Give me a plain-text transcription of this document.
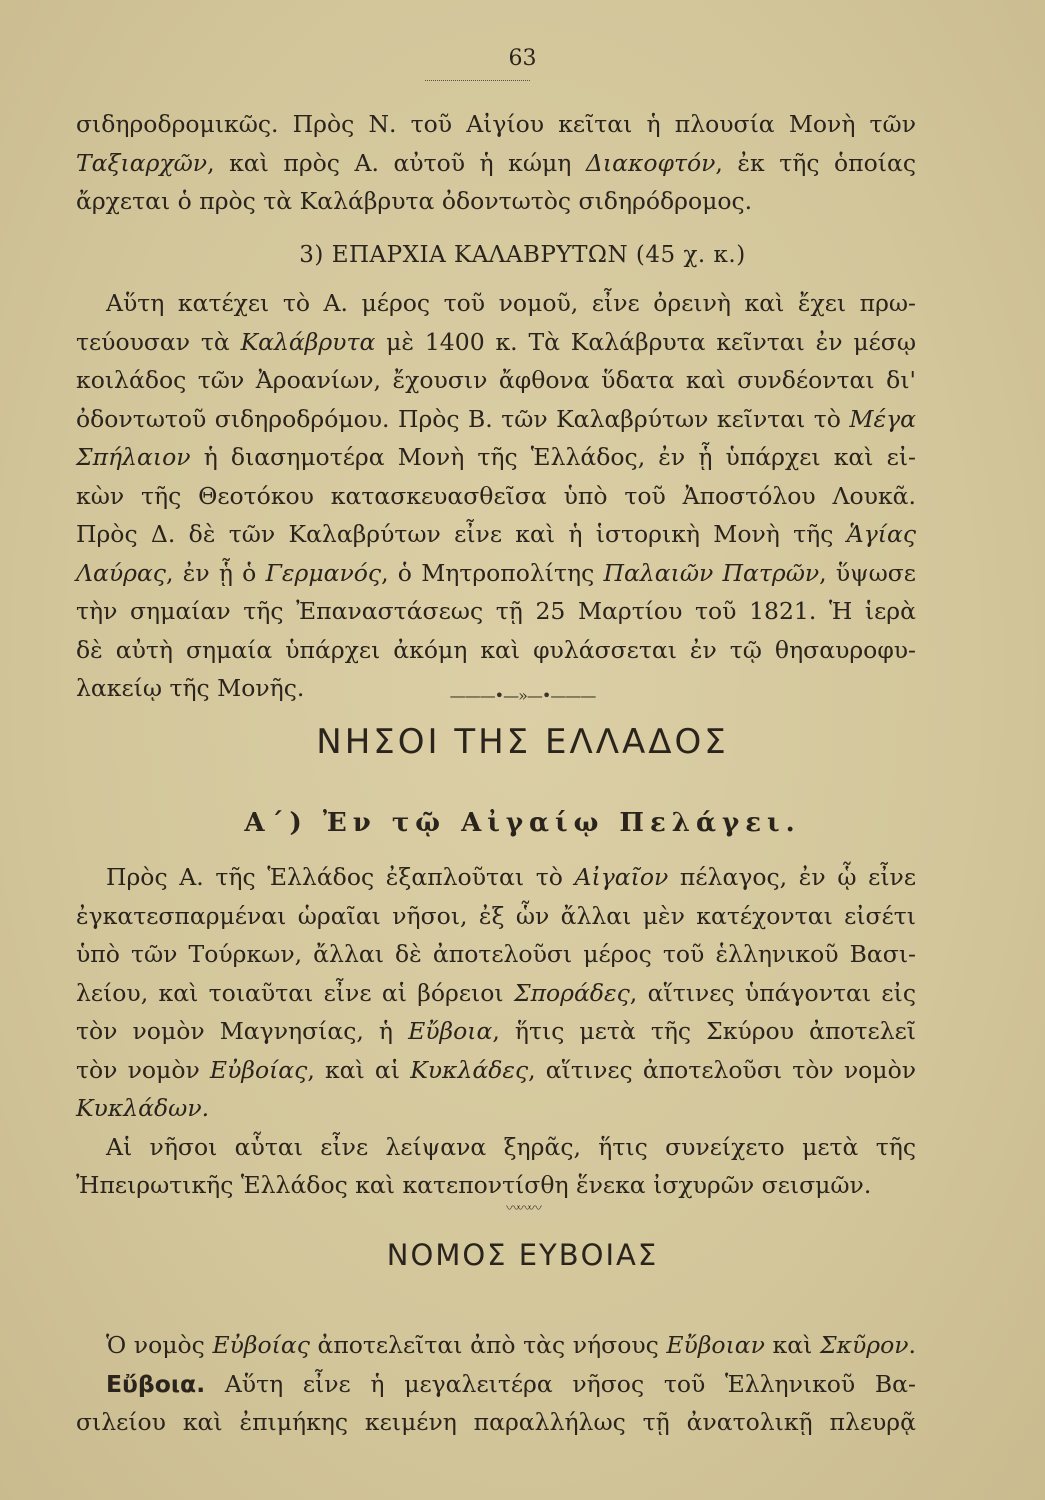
63
σιδηροδρομικῶς. Πρὸς Ν. τοῦ Αἰγίου κεῖται ἡ πλουσία Μονὴ τῶν
Ταξιαρχῶν, καὶ πρὸς Α. αὐτοῦ ἡ κώμη Διακοφτόν, ἐκ τῆς ὁποίας
ἄρχεται ὁ πρὸς τὰ Καλάβρυτα ὀδοντωτὸς σιδηρόδρομος.
3) ΕΠΑΡΧΙΑ ΚΑΛΑΒΡΥΤΩΝ (45 χ. κ.)
Αὕτη κατέχει τὸ Α. μέρος τοῦ νομοῦ, εἶνε ὀρεινὴ καὶ ἔχει πρω-
τεύουσαν τὰ Καλάβρυτα μὲ 1400 κ. Τὰ Καλάβρυτα κεῖνται ἐν μέσῳ
κοιλάδος τῶν Ἀροανίων, ἔχουσιν ἄφθονα ὕδατα καὶ συνδέονται δι'
ὀδοντωτοῦ σιδηροδρόμου. Πρὸς Β. τῶν Καλαβρύτων κεῖνται τὸ Μέγα
Σπήλαιον ἡ διασημοτέρα Μονὴ τῆς Ἑλλάδος, ἐν ᾗ ὑπάρχει καὶ εἰ-
κὼν τῆς Θεοτόκου κατασκευασθεῖσα ὑπὸ τοῦ Ἀποστόλου Λουκᾶ.
Πρὸς Δ. δὲ τῶν Καλαβρύτων εἶνε καὶ ἡ ἱστορικὴ Μονὴ τῆς Ἁγίας
Λαύρας, ἐν ᾗ ὁ Γερμανός, ὁ Μητροπολίτης Παλαιῶν Πατρῶν, ὕψωσε
τὴν σημαίαν τῆς Ἐπαναστάσεως τῇ 25 Μαρτίου τοῦ 1821. Ἡ ἱερὰ
δὲ αὐτὴ σημαία ὑπάρχει ἀκόμη καὶ φυλάσσεται ἐν τῷ θησαυροφυ-
λακείῳ τῆς Μονῆς.	———•—»—•———
ΝΗΣΟΙ ΤΗΣ ΕΛΛΑΔΟΣ
Α΄) Ἐν τῷ Αἰγαίῳ Πελάγει.
Πρὸς Α. τῆς Ἑλλάδος ἐξαπλοῦται τὸ Αἰγαῖον πέλαγος, ἐν ᾧ εἶνε
ἐγκατεσπαρμέναι ὡραῖαι νῆσοι, ἐξ ὧν ἄλλαι μὲν κατέχονται εἰσέτι
ὑπὸ τῶν Τούρκων, ἄλλαι δὲ ἀποτελοῦσι μέρος τοῦ ἑλληνικοῦ Βασι-
λείου, καὶ τοιαῦται εἶνε αἱ βόρειοι Σποράδες, αἵτινες ὑπάγονται εἰς
τὸν νομὸν Μαγνησίας, ἡ Εὔβοια, ἥτις μετὰ τῆς Σκύρου ἀποτελεῖ
τὸν νομὸν Εὐβοίας, καὶ αἱ Κυκλάδες, αἵτινες ἀποτελοῦσι τὸν νομὸν
Κυκλάδων.
Αἱ νῆσοι αὗται εἶνε λείψανα ξηρᾶς, ἥτις συνείχετο μετὰ τῆς
Ἠπειρωτικῆς Ἑλλάδος καὶ κατεποντίσθη ἕνεκα ἰσχυρῶν σεισμῶν.
〰〰〰
ΝΟΜΟΣ ΕΥΒΟΙΑΣ
Ὁ νομὸς Εὐβοίας ἀποτελεῖται ἀπὸ τὰς νήσους Εὔβοιαν καὶ Σκῦρον.
Εὔβοια. Αὕτη εἶνε ἡ μεγαλειτέρα νῆσος τοῦ Ἑλληνικοῦ Βα-
σιλείου καὶ ἐπιμήκης κειμένη παραλλήλως τῇ ἀνατολικῇ πλευρᾷ
